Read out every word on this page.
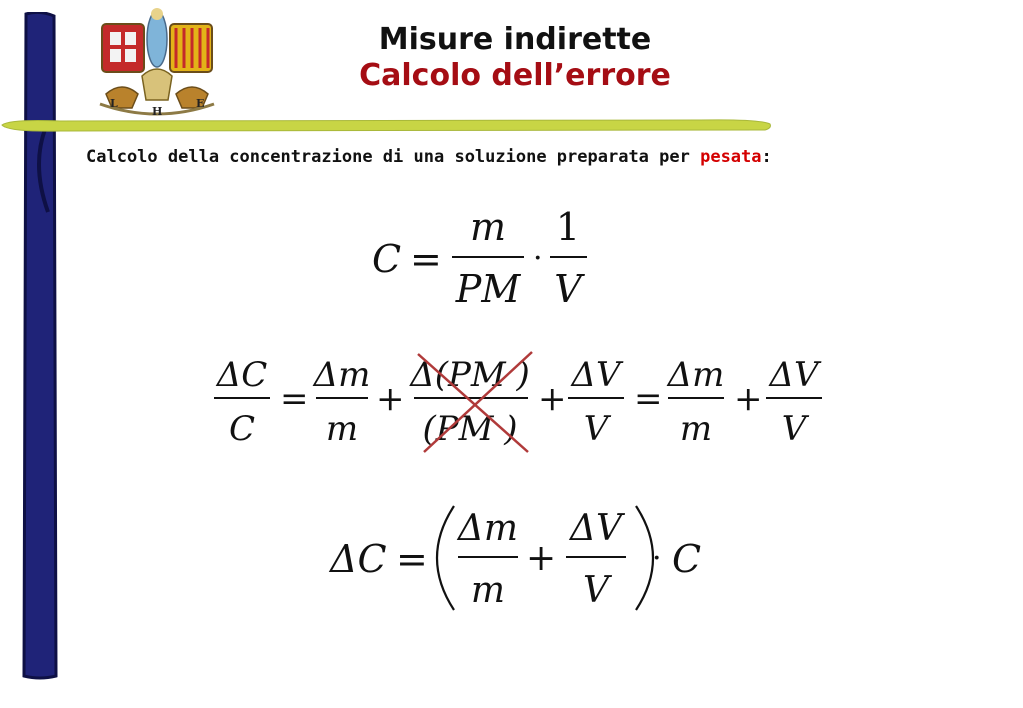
L
H
E
Misure indirette
Calcolo dell’errore
Calcolo della concentrazione di una soluzione preparata per pesata:
C =
m
PM
·
1
V
ΔC
C
=
Δm
m
+
Δ(PM )
(PM )
+
ΔV
V
=
Δm
m
+
ΔV
V
ΔC =
Δm
m
+
ΔV
V
· C
